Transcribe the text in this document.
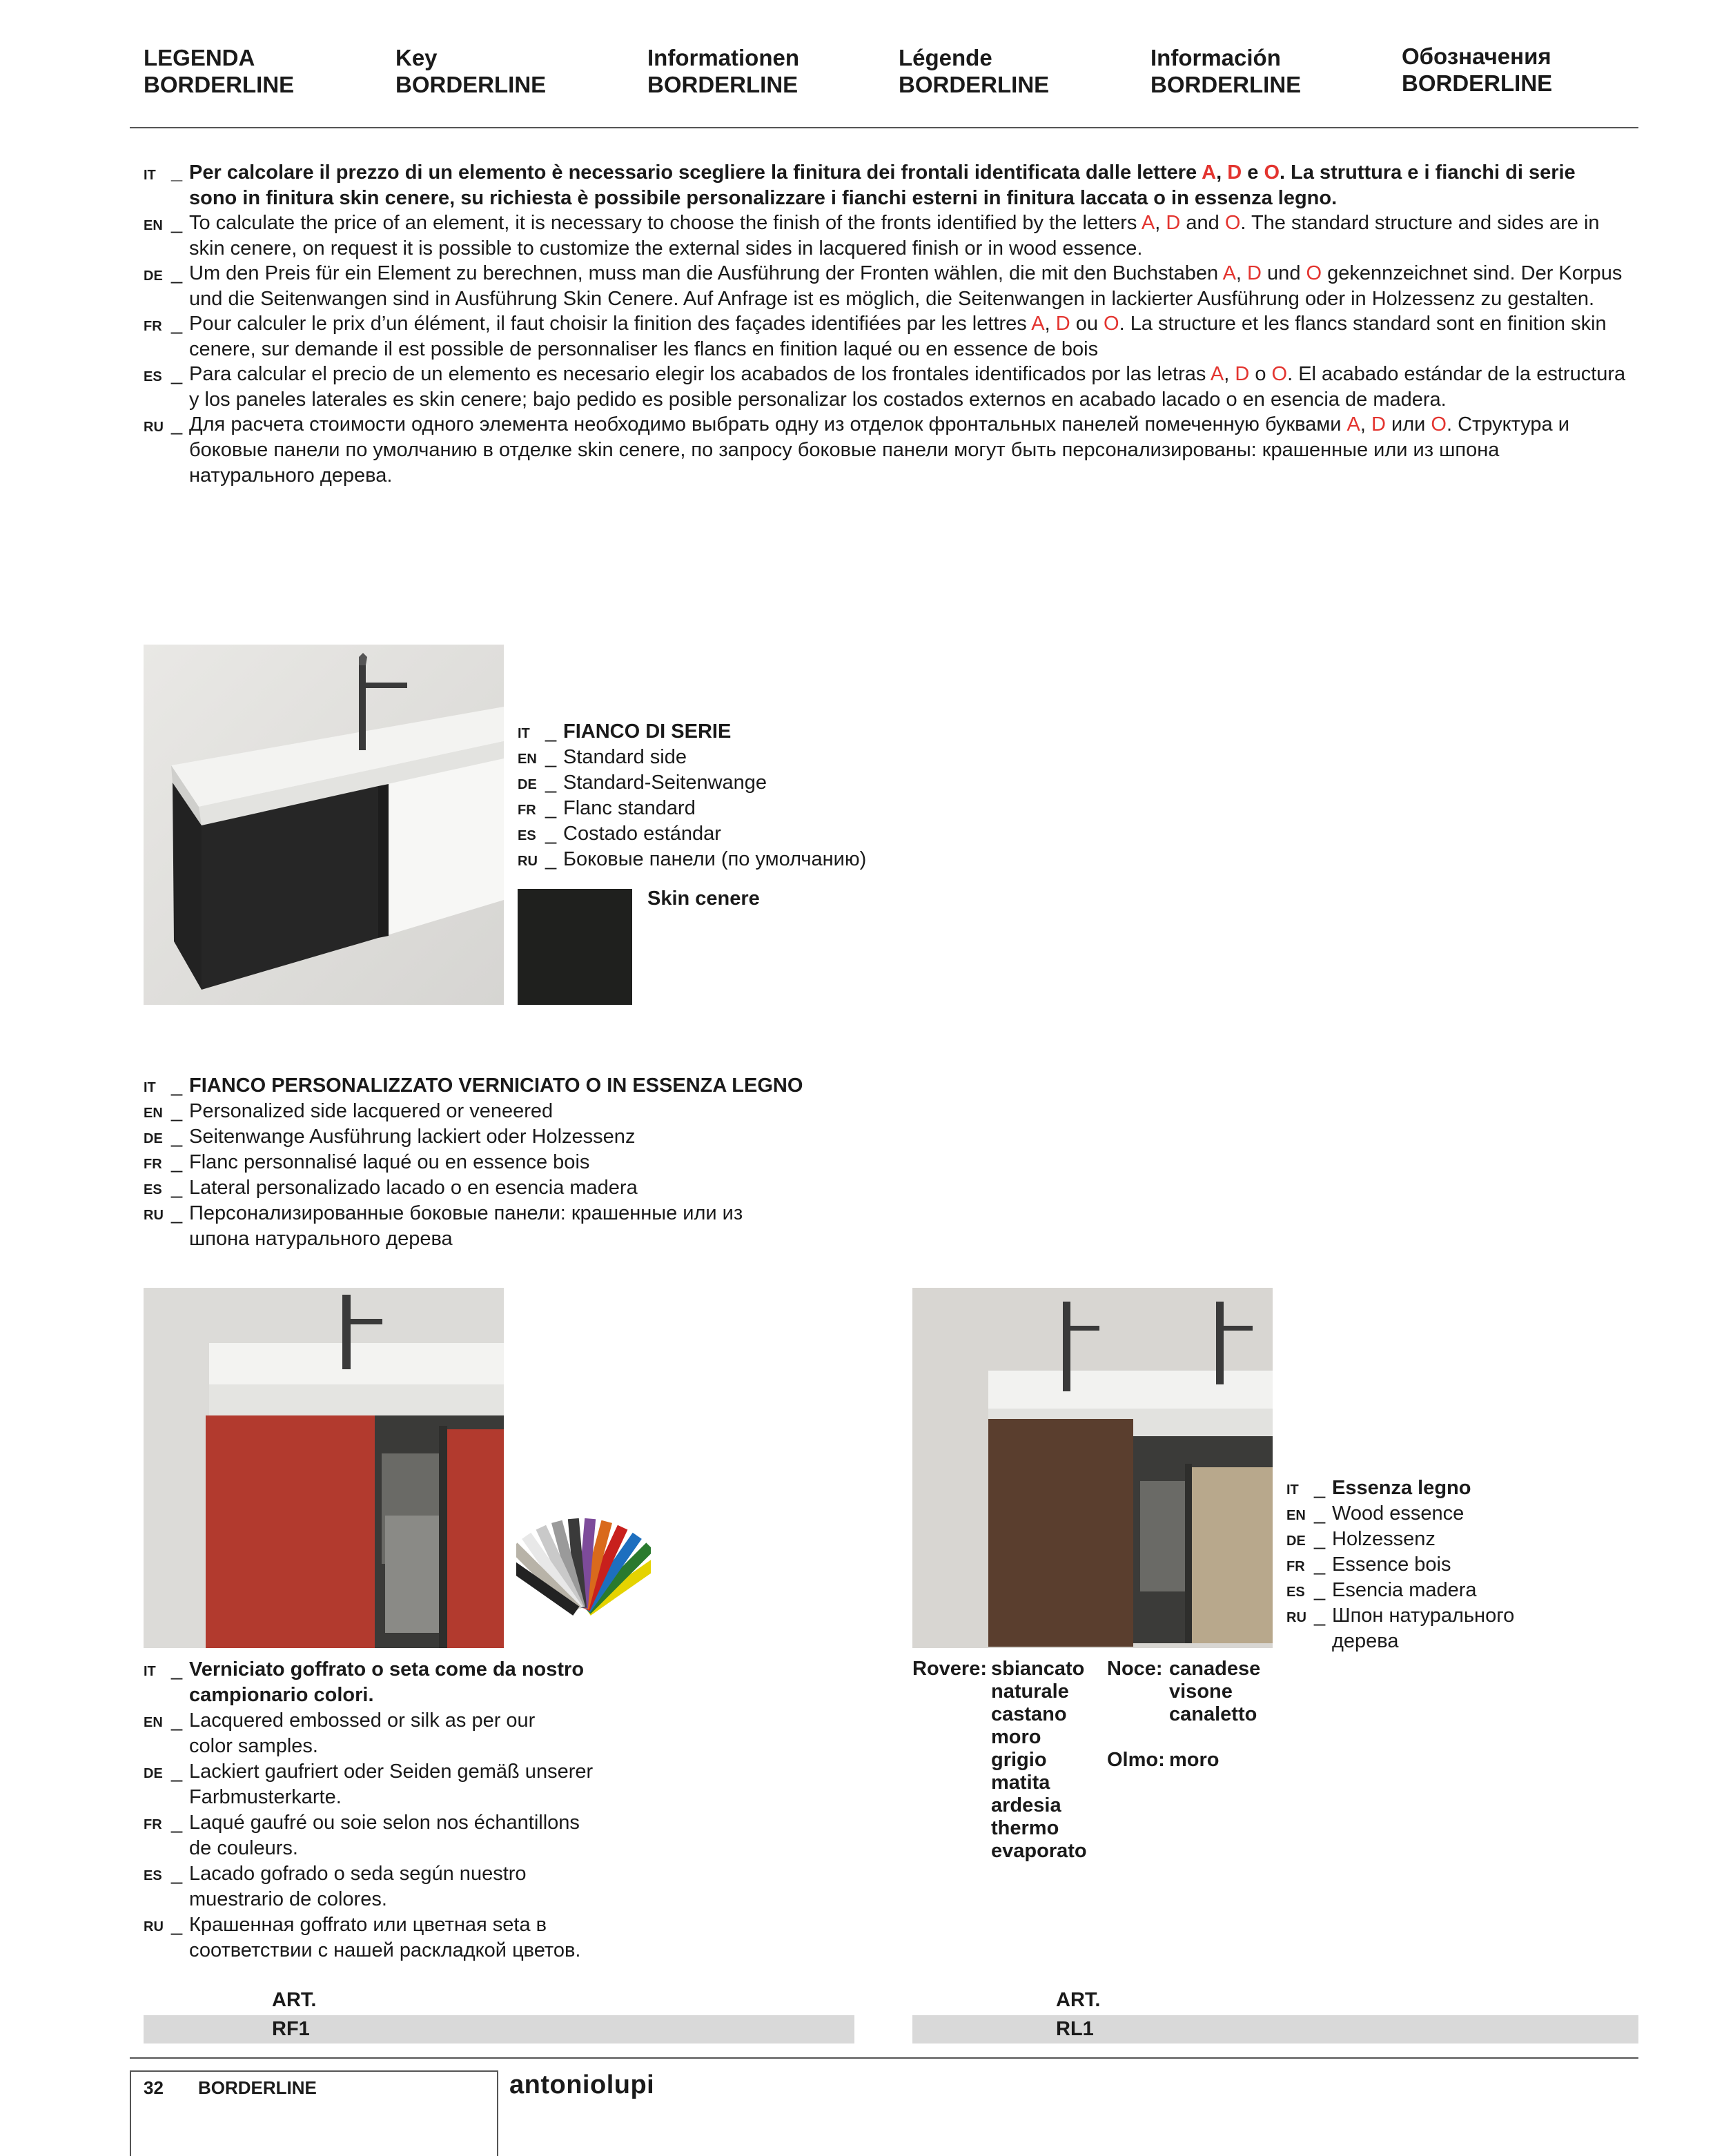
LEGENDA
BORDERLINE
Key
BORDERLINE
Informationen
BORDERLINE
Légende
BORDERLINE
Información
BORDERLINE
Обозначения
BORDERLINE
IT _ Per calcolare il prezzo di un elemento è necessario scegliere la finitura dei frontali identificata dalle lettere A, D e O. La struttura e i fianchi di serie sono in finitura skin cenere, su richiesta è possibile personalizzare i fianchi esterni in finitura laccata o in essenza legno.
EN _ To calculate the price of an element, it is necessary to choose the finish of the fronts identified by the letters A, D and O. The standard structure and sides are in skin cenere, on request it is possible to customize the external sides in lacquered finish or in wood essence.
DE _ Um den Preis für ein Element zu berechnen, muss man die Ausführung der Fronten wählen, die mit den Buchstaben A, D und O gekennzeichnet sind. Der Korpus und die Seitenwangen sind in Ausführung Skin Cenere. Auf Anfrage ist es möglich, die Seitenwangen in lackierter Ausführung oder in Holzessenz zu gestalten.
FR _ Pour calculer le prix d’un élément, il faut choisir la finition des façades identifiées par les lettres A, D ou O. La structure et les flancs standard sont en finition skin cenere, sur demande il est possible de personnaliser les flancs en finition laqué ou en essence de bois
ES _ Para calcular el precio de un elemento es necesario elegir los acabados de los frontales identificados por las letras A, D o O. El acabado estándar de la estructura y los paneles laterales es skin cenere; bajo pedido es posible personalizar los costados externos en acabado lacado o en esencia de madera.
RU _ Для расчета стоимости одного элемента необходимо выбрать одну из отделок фронтальных панелей помеченную буквами A, D или O. Структура и боковые панели по умолчанию в отделке skin cenere, по запросу боковые панели могут быть персонализированы: крашенные или из шпона натурального дерева.
IT _ FIANCO DI SERIE
EN _ Standard side
DE _ Standard-Seitenwange
FR _ Flanc standard
ES _ Costado estándar
RU _ Боковые панели (по умолчанию)
Skin cenere
IT _ FIANCO PERSONALIZZATO VERNICIATO O IN ESSENZA LEGNO
EN _ Personalized side lacquered or veneered
DE _ Seitenwange Ausführung lackiert oder Holzessenz
FR _ Flanc personnalisé laqué ou en essence bois
ES _ Lateral personalizado lacado o en esencia madera
RU _ Персонализированные боковые панели: крашенные или из
шпона натурального дерева
IT _ Essenza legno
EN _ Wood essence
DE _ Holzessenz
FR _ Essence bois
ES _ Esencia madera
RU _ Шпон натурального
дерева
IT _ Verniciato goffrato o seta come da nostro
campionario colori.
EN _ Lacquered embossed or silk as per our
color samples.
DE _ Lackiert gaufriert oder Seiden gemäß unserer
Farbmusterkarte.
FR _ Laqué gaufré ou soie selon nos échantillons
de couleurs.
ES _ Lacado gofrado o seda según nuestro
muestrario de colores.
RU _ Крашенная goffrato или цветная seta в
соответствии с нашей раскладкой цветов.
Rovere: sbiancato
naturale
castano
moro
grigio
matita
ardesia
thermo
evaporato
Noce: canadese
visone
canaletto
Olmo: moro
ART.
RF1
ART.
RL1
32 BORDERLINE	antoniolupi
